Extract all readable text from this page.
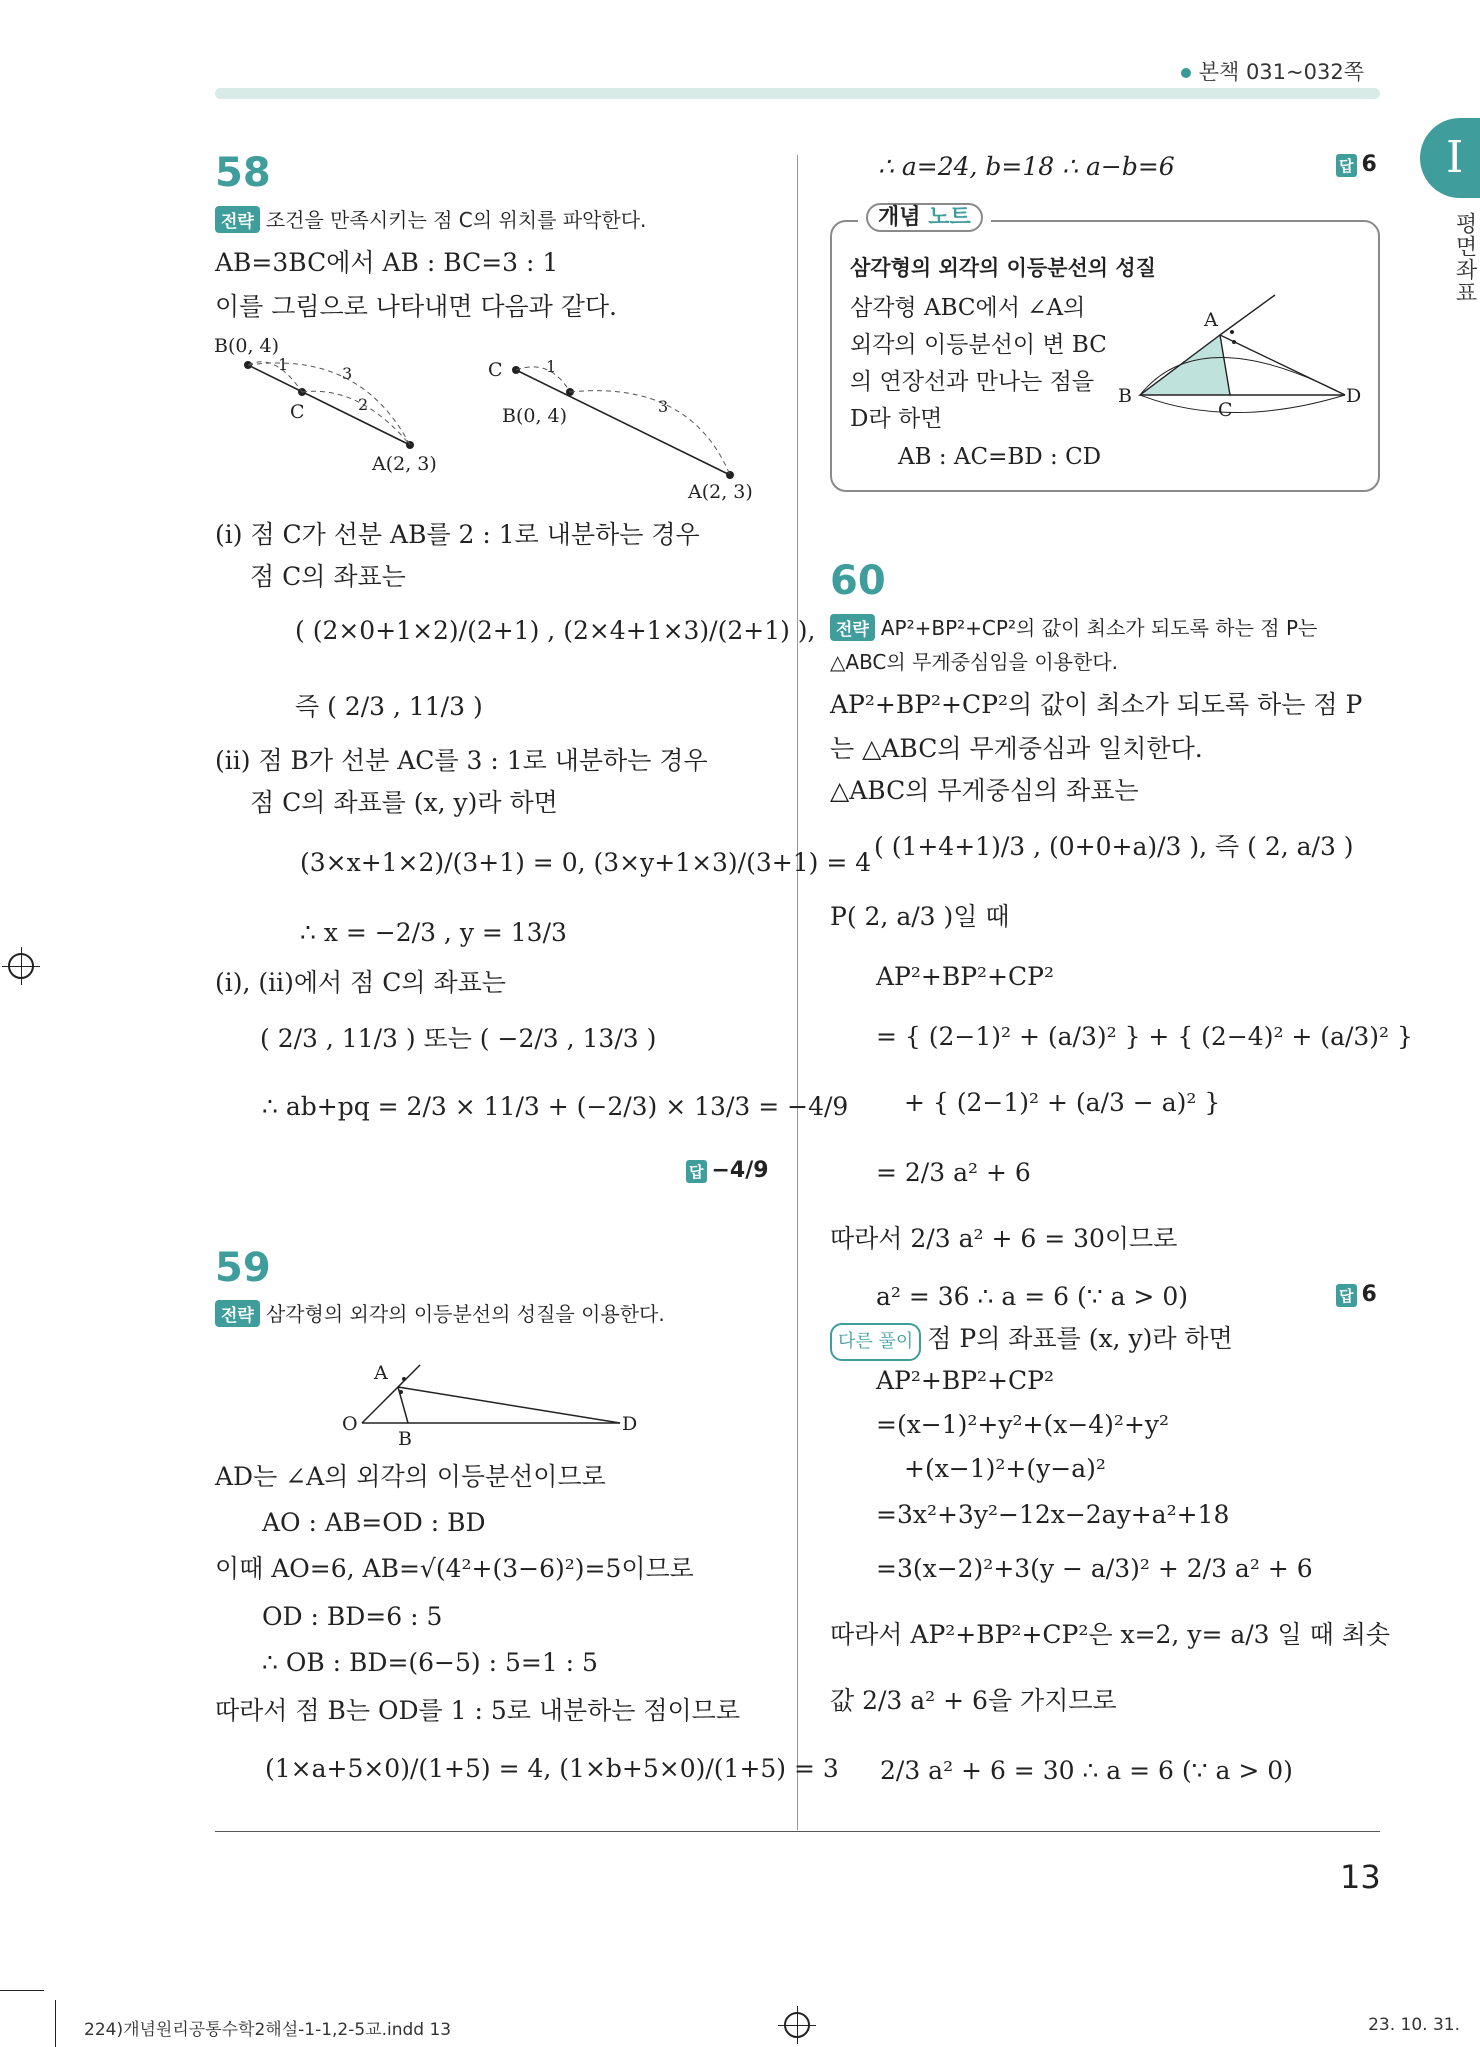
본책 031~032쪽
I
평면좌표
13
58
전략 조건을 만족시키는 점 C의 위치를 파악한다.
AB=3BC에서 AB : BC=3 : 1
이를 그림으로 나타내면 다음과 같다.
B(0, 4)
C
A(2, 3)
1
2
3	C
B(0, 4)
A(2, 3)
1
3
(ⅰ) 점 C가 선분 AB를 2 : 1로 내분하는 경우
점 C의 좌표는
( (2×0+1×2)/(2+1) , (2×4+1×3)/(2+1) ),
즉 ( 2/3 , 11/3 )
(ⅱ) 점 B가 선분 AC를 3 : 1로 내분하는 경우
점 C의 좌표를 (x, y)라 하면
(3×x+1×2)/(3+1) = 0, (3×y+1×3)/(3+1) = 4
∴ x = −2/3 , y = 13/3
(ⅰ), (ⅱ)에서 점 C의 좌표는
( 2/3 , 11/3 ) 또는 ( −2/3 , 13/3 )
∴ ab+pq = 2/3 × 11/3 + (−2/3) × 13/3 = −4/9
답 −4/9
59
전략 삼각형의 외각의 이등분선의 성질을 이용한다.
A
O
B
D
AD는 ∠A의 외각의 이등분선이므로
AO : AB=OD : BD
이때 AO=6, AB=√(4²+(3−6)²)=5이므로
OD : BD=6 : 5
∴ OB : BD=(6−5) : 5=1 : 5
따라서 점 B는 OD를 1 : 5로 내분하는 점이므로
(1×a+5×0)/(1+5) = 4, (1×b+5×0)/(1+5) = 3
∴ a=24, b=18 ∴ a−b=6	답 6
개념 노트
삼각형의 외각의 이등분선의 성질
삼각형 ABC에서 ∠A의
외각의 이등분선이 변 BC
의 연장선과 만나는 점을
D라 하면
AB : AC=BD : CD
A
B
C
D
60
전략 AP²+BP²+CP²의 값이 최소가 되도록 하는 점 P는
△ABC의 무게중심임을 이용한다.
AP²+BP²+CP²의 값이 최소가 되도록 하는 점 P
는 △ABC의 무게중심과 일치한다.
△ABC의 무게중심의 좌표는
( (1+4+1)/3 , (0+0+a)/3 ), 즉 ( 2, a/3 )
P( 2, a/3 )일 때
AP²+BP²+CP²
= { (2−1)² + (a/3)² } + { (2−4)² + (a/3)² }
+ { (2−1)² + (a/3 − a)² }
= 2/3 a² + 6
따라서 2/3 a² + 6 = 30이므로
a² = 36 ∴ a = 6 (∵ a > 0)	답 6
다른 풀이 점 P의 좌표를 (x, y)라 하면
AP²+BP²+CP²
=(x−1)²+y²+(x−4)²+y²
+(x−1)²+(y−a)²
=3x²+3y²−12x−2ay+a²+18
=3(x−2)²+3(y − a/3)² + 2/3 a² + 6
따라서 AP²+BP²+CP²은 x=2, y= a/3 일 때 최솟
값 2/3 a² + 6을 가지므로
2/3 a² + 6 = 30 ∴ a = 6 (∵ a > 0)
224)개념원리공통수학2해설-1-1,2-5교.indd 13	23. 10. 31.
